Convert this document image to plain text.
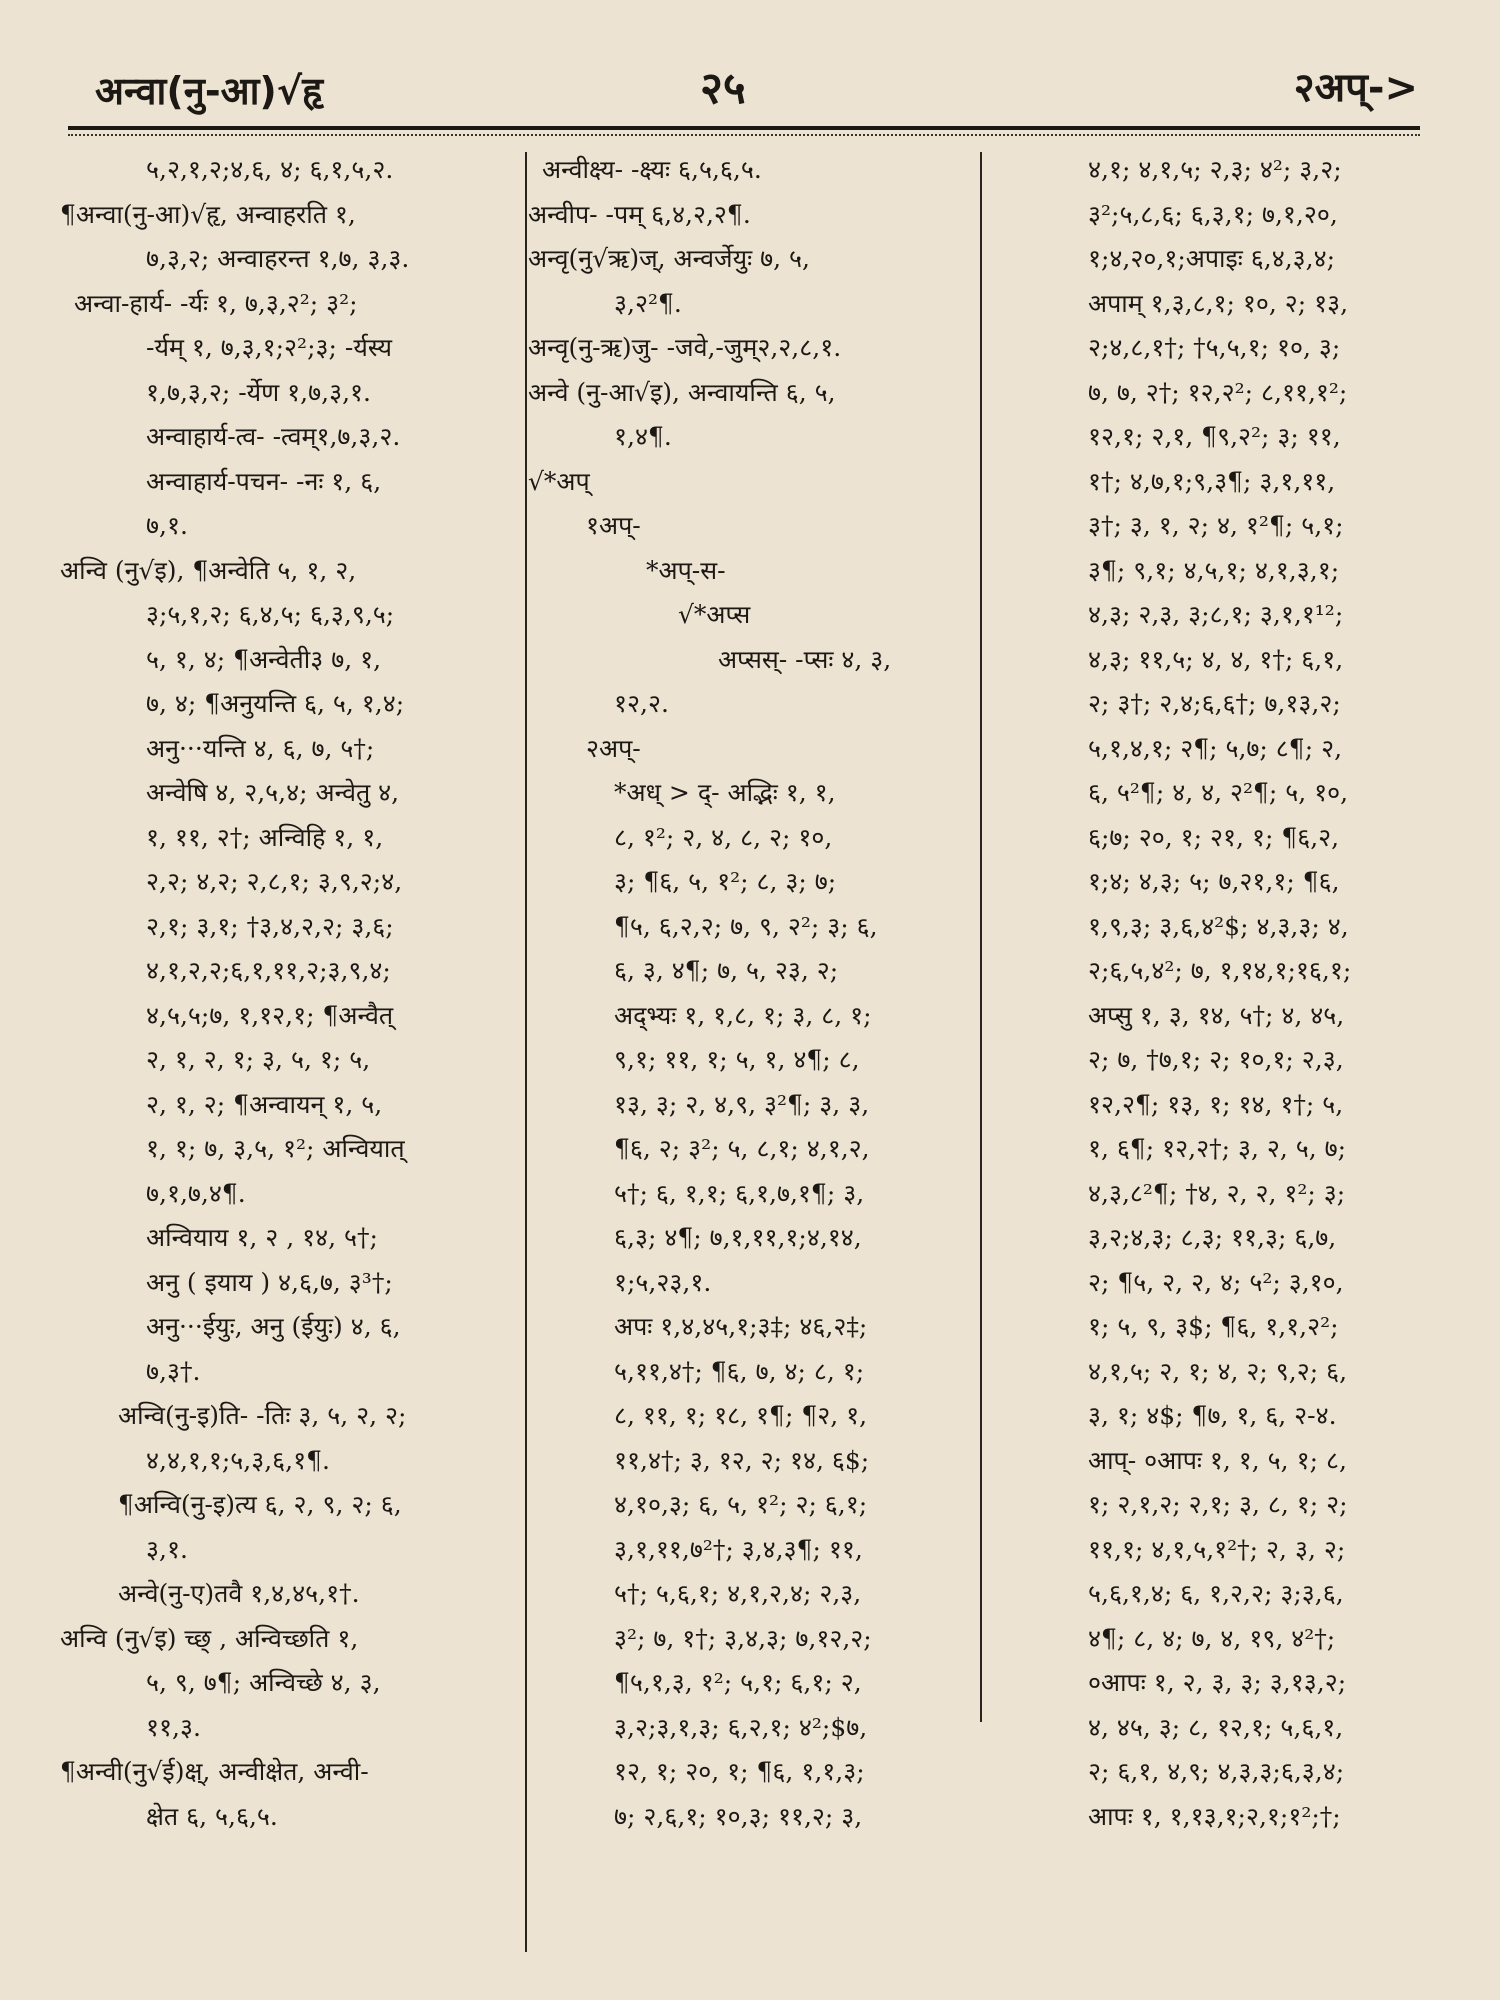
अन्वा(नु-आ)√हृ	२५	२अप्->
५,२,१,२;४,६, ४; ६,१,५,२.
¶अन्वा(नु-आ)√हृ, अन्वाहरति १,
७,३,२; अन्वाहरन्त १,७, ३,३.
अन्वा-हार्य- -र्यः १, ७,३,२²; ३²;
-र्यम् १, ७,३,१;२²;३; -र्यस्य
१,७,३,२; -र्येण १,७,३,१.
अन्वाहार्य-त्व- -त्वम्१,७,३,२.
अन्वाहार्य-पचन- -नः १, ६,
७,१.
अन्वि (नु√इ), ¶अन्वेति ५, १, २,
३;५,१,२; ६,४,५; ६,३,९,५;
५, १, ४; ¶अन्वेती३ ७, १,
७, ४; ¶अनुयन्ति ६, ५, १,४;
अनु···यन्ति ४, ६, ७, ५†;
अन्वेषि ४, २,५,४; अन्वेतु ४,
१, ११, २†; अन्विहि १, १,
२,२; ४,२; २,८,१; ३,९,२;४,
२,१; ३,१; †३,४,२,२; ३,६;
४,१,२,२;६,१,११,२;३,९,४;
४,५,५;७, १,१२,१; ¶अन्वैत्
२, १, २, १; ३, ५, १; ५,
२, १, २; ¶अन्वायन् १, ५,
१, १; ७, ३,५, १²; अन्वियात्
७,१,७,४¶.
अन्वियाय १, २ , १४, ५†;
अनु ( इयाय ) ४,६,७, ३³†;
अनु···ईयुः, अनु (ईयुः) ४, ६,
७,३†.
अन्वि(नु-इ)ति- -तिः ३, ५, २, २;
४,४,१,१;५,३,६,१¶.
¶अन्वि(नु-इ)त्य ६, २, ९, २; ६,
३,१.
अन्वे(नु-ए)तवै १,४,४५,१†.
अन्वि (नु√इ) च्छ् , अन्विच्छति १,
५, ९, ७¶; अन्विच्छे ४, ३,
११,३.
¶अन्वी(नु√ई)क्ष्, अन्वीक्षेत, अन्वी-
क्षेत ६, ५,६,५.
अन्वीक्ष्य- -क्ष्यः ६,५,६,५.
अन्वीप- -पम् ६,४,२,२¶.
अन्वृ(नु√ऋ)ज्, अन्वर्जेयुः ७, ५,
३,२²¶.
अन्वृ(नु-ऋ)जु- -जवे,-जुम्२,२,८,१.
अन्वे (नु-आ√इ), अन्वायन्ति ६, ५,
१,४¶.
√*अप्
१अप्-
*अप्-स-
√*अप्स
अप्सस्- -प्सः ४, ३,
१२,२.
२अप्-
*अध् > द्- अद्भिः १, १,
८, १²; २, ४, ८, २; १०,
३; ¶६, ५, १²; ८, ३; ७;
¶५, ६,२,२; ७, ९, २²; ३; ६,
६, ३, ४¶; ७, ५, २३, २;
अद्भ्यः १, १,८, १; ३, ८, १;
९,१; ११, १; ५, १, ४¶; ८,
१३, ३; २, ४,९, ३²¶; ३, ३,
¶६, २; ३²; ५, ८,१; ४,१,२,
५†; ६, १,१; ६,१,७,१¶; ३,
६,३; ४¶; ७,१,११,१;४,१४,
१;५,२३,१.
अपः १,४,४५,१;३‡; ४६,२‡;
५,११,४†; ¶६, ७, ४; ८, १;
८, ११, १; १८, १¶; ¶२, १,
११,४†; ३, १२, २; १४, ६$;
४,१०,३; ६, ५, १²; २; ६,१;
३,१,११,७²†; ३,४,३¶; ११,
५†; ५,६,१; ४,१,२,४; २,३,
३²; ७, १†; ३,४,३; ७,१२,२;
¶५,१,३, १²; ५,१; ६,१; २,
३,२;३,१,३; ६,२,१; ४²;$७,
१२, १; २०, १; ¶६, १,१,३;
७; २,६,१; १०,३; ११,२; ३,
४,१; ४,१,५; २,३; ४²; ३,२;
३²;५,८,६; ६,३,१; ७,१,२०,
१;४,२०,१;अपाइः ६,४,३,४;
अपाम् १,३,८,१; १०, २; १३,
२;४,८,१†; †५,५,१; १०, ३;
७, ७, २†; १२,२²; ८,११,१²;
१२,१; २,१, ¶९,२²; ३; ११,
१†; ४,७,१;९,३¶; ३,१,११,
३†; ३, १, २; ४, १²¶; ५,१;
३¶; ९,१; ४,५,१; ४,१,३,१;
४,३; २,३, ३;८,१; ३,१,१¹²;
४,३; ११,५; ४, ४, १†; ६,१,
२; ३†; २,४;६,६†; ७,१३,२;
५,१,४,१; २¶; ५,७; ८¶; २,
६, ५²¶; ४, ४, २²¶; ५, १०,
६;७; २०, १; २१, १; ¶६,२,
१;४; ४,३; ५; ७,२१,१; ¶६,
१,९,३; ३,६,४²$; ४,३,३; ४,
२;६,५,४²; ७, १,१४,१;१६,१;
अप्सु १, ३, १४, ५†; ४, ४५,
२; ७, †७,१; २; १०,१; २,३,
१२,२¶; १३, १; १४, १†; ५,
१, ६¶; १२,२†; ३, २, ५, ७;
४,३,८²¶; †४, २, २, १²; ३;
३,२;४,३; ८,३; ११,३; ६,७,
२; ¶५, २, २, ४; ५²; ३,१०,
१; ५, ९, ३$; ¶६, १,१,२²;
४,१,५; २, १; ४, २; ९,२; ६,
३, १; ४$; ¶७, १, ६, २-४.
आप्- ०आपः १, १, ५, १; ८,
१; २,१,२; २,१; ३, ८, १; २;
११,१; ४,१,५,१²†; २, ३, २;
५,६,१,४; ६, १,२,२; ३;३,६,
४¶; ८, ४; ७, ४, १९, ४²†;
०आपः १, २, ३, ३; ३,१३,२;
४, ४५, ३; ८, १२,१; ५,६,१,
२; ६,१, ४,९; ४,३,३;६,३,४;
आपः १, १,१३,१;२,१;१²;†;
